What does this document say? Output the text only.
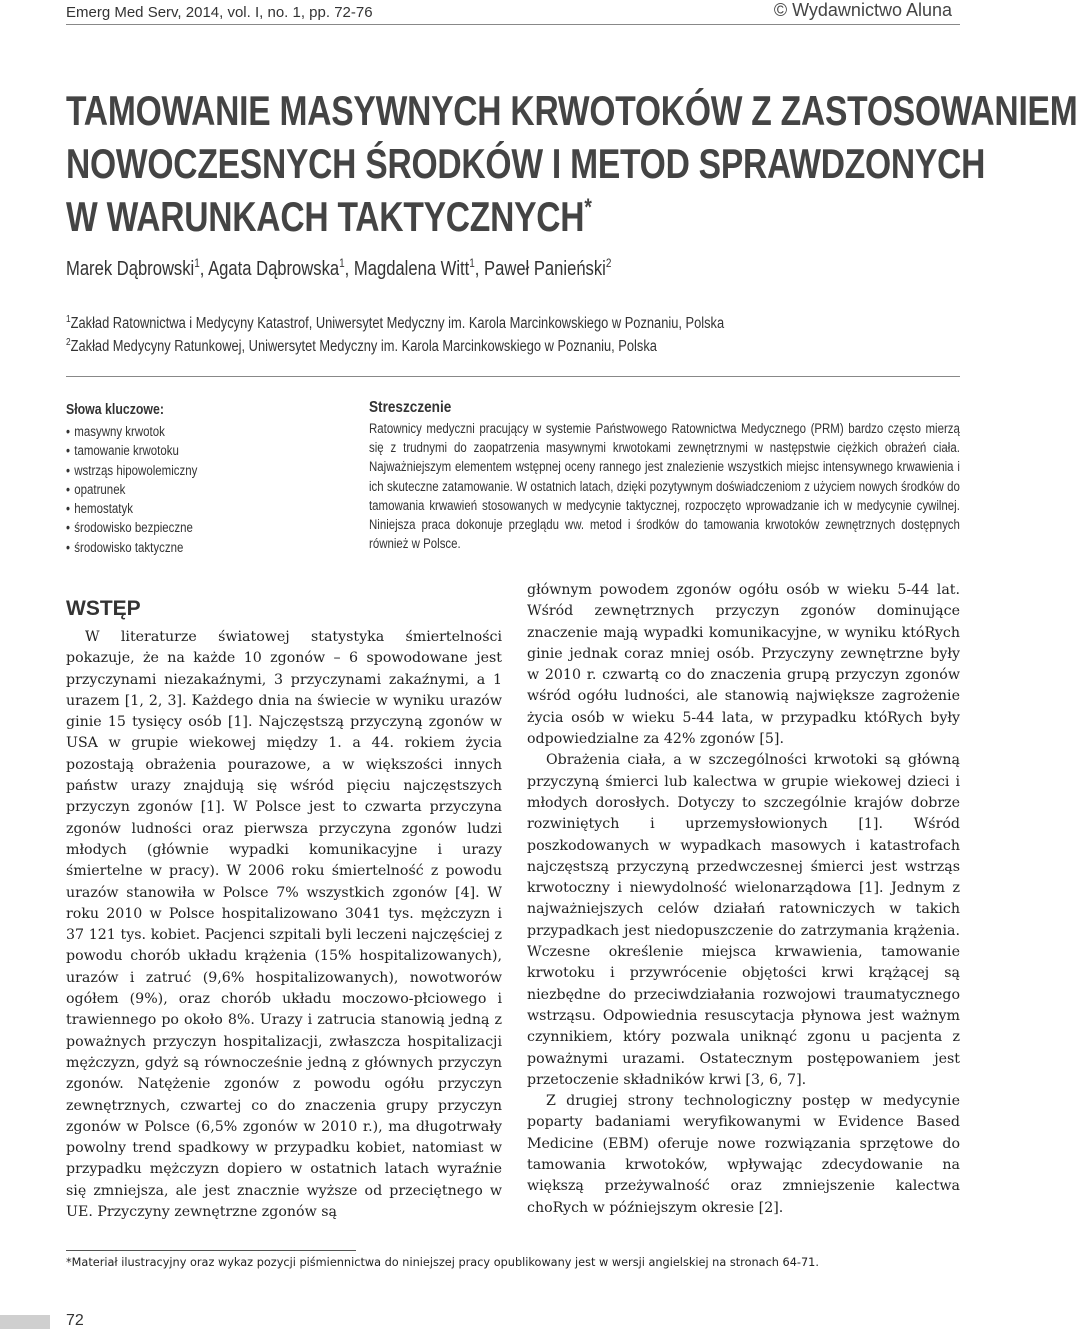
Emerg Med Serv, 2014, vol. I, no. 1, pp. 72-76	© Wydawnictwo Aluna
TAMOWANIE MASYWNYCH KRWOTOKÓW Z ZASTOSOWANIEM
NOWOCZESNYCH ŚRODKÓW I METOD SPRAWDZONYCH
W WARUNKACH TAKTYCZNYCH*
Marek Dąbrowski$^1$, Agata Dąbrowska$^1$, Magdalena Witt$^1$, Paweł Panieński$^2$
$^1$Zakład Ratownictwa i Medycyny Katastrof, Uniwersytet Medyczny im. Karola Marcinkowskiego w Poznaniu, Polska
$^2$Zakład Medycyny Ratunkowej, Uniwersytet Medyczny im. Karola Marcinkowskiego w Poznaniu, Polska
Słowa kluczowe:
• masywny krwotok
• tamowanie krwotoku
• wstrząs hipowolemiczny
• opatrunek
• hemostatyk
• środowisko bezpieczne
• środowisko taktyczne
Streszczenie

Ratownicy medyczni pracujący w systemie Państwowego Ratownictwa Medycznego (PRM) bardzo często mierzą się z trudnymi do zaopatrzenia masywnymi krwotokami zewnętrznymi w następstwie ciężkich obrażeń ciała. Najważniejszym elementem wstępnej oceny rannego jest znalezienie wszystkich miejsc intensywnego krwawienia i ich skuteczne zatamowanie. W ostatnich latach, dzięki pozytywnym doświadczeniom z użyciem nowych środków do tamowania krwawień stosowanych w medycynie taktycznej, rozpoczęto wprowadzanie ich w medycynie cywilnej. Niniejsza praca dokonuje przeglądu ww. metod i środków do tamowania krwotoków zewnętrznych dostępnych również w Polsce.

WSTĘP

W literaturze światowej statystyka śmiertelności pokazuje, że na każde 10 zgonów – 6 spowodowane jest przyczynami niezakaźnymi, 3 przyczynami zakaźnymi, a 1 urazem [1, 2, 3]. Każdego dnia na świecie w wyniku urazów ginie 15 tysięcy osób [1]. Najczęstszą przyczyną zgonów w USA w grupie wiekowej między 1. a 44. rokiem życia pozostają obrażenia pourazowe, a w większości innych państw urazy znajdują się wśród pięciu najczęstszych przyczyn zgonów [1]. W Polsce jest to czwarta przyczyna zgonów ludności oraz pierwsza przyczyna zgonów ludzi młodych (głównie wypadki komunikacyjne i urazy śmiertelne w pracy). W 2006 roku śmiertelność z powodu urazów stanowiła w Polsce 7% wszystkich zgonów [4]. W roku 2010 w Polsce hospitalizowano 3041 tys. mężczyzn i 37 121 tys. kobiet. Pacjenci szpitali byli leczeni najczęściej z powodu chorób układu krążenia (15% hospitalizowanych), urazów i zatruć (9,6% hospitalizowanych), nowotworów ogółem (9%), oraz chorób układu moczowo-płciowego i trawiennego po około 8%. Urazy i zatrucia stanowią jedną z poważnych przyczyn hospitalizacji, zwłaszcza hospitalizacji mężczyzn, gdyż są równocześnie jedną z głównych przyczyn zgonów. Natężenie zgonów z powodu ogółu przyczyn zewnętrznych, czwartej co do znaczenia grupy przyczyn zgonów w Polsce (6,5% zgonów w 2010 r.), ma długotrwały powolny trend spadkowy w przypadku kobiet, natomiast w przypadku mężczyzn dopiero w ostatnich latach wyraźnie się zmniejsza, ale jest znacznie wyższe od przeciętnego w UE. Przyczyny zewnętrzne zgonów są

głównym powodem zgonów ogółu osób w wieku 5-44 lat. Wśród zewnętrznych przyczyn zgonów dominujące znaczenie mają wypadki komunikacyjne, w wyniku któRych ginie jednak coraz mniej osób. Przyczyny zewnętrzne były w 2010 r. czwartą co do znaczenia grupą przyczyn zgonów wśród ogółu ludności, ale stanowią największe zagrożenie życia osób w wieku 5-44 lata, w przypadku któRych były odpowiedzialne za 42% zgonów [5].

Obrażenia ciała, a w szczególności krwotoki są główną przyczyną śmierci lub kalectwa w grupie wiekowej dzieci i młodych dorosłych. Dotyczy to szczególnie krajów dobrze rozwiniętych i uprzemysłowionych [1]. Wśród poszkodowanych w wypadkach masowych i katastrofach najczęstszą przyczyną przedwczesnej śmierci jest wstrząs krwotoczny i niewydolność wielonarządowa [1]. Jednym z najważniejszych celów działań ratowniczych w takich przypadkach jest niedopuszczenie do zatrzymania krążenia. Wczesne określenie miejsca krwawienia, tamowanie krwotoku i przywrócenie objętości krwi krążącej są niezbędne do przeciwdziałania rozwojowi traumatycznego wstrząsu. Odpowiednia resuscytacja płynowa jest ważnym czynnikiem, który pozwala uniknąć zgonu u pacjenta z poważnymi urazami. Ostatecznym postępowaniem jest przetoczenie składników krwi [3, 6, 7].

Z drugiej strony technologiczny postęp w medycynie poparty badaniami weryfikowanymi w Evidence Based Medicine (EBM) oferuje nowe rozwiązania sprzętowe do tamowania krwotoków, wpływając zdecydowanie na większą przeżywalność oraz zmniejszenie kalectwa choRych w późniejszym okresie [2].

*Materiał ilustracyjny oraz wykaz pozycji piśmiennictwa do niniejszej pracy opublikowany jest w wersji angielskiej na stronach 64-71.
72
